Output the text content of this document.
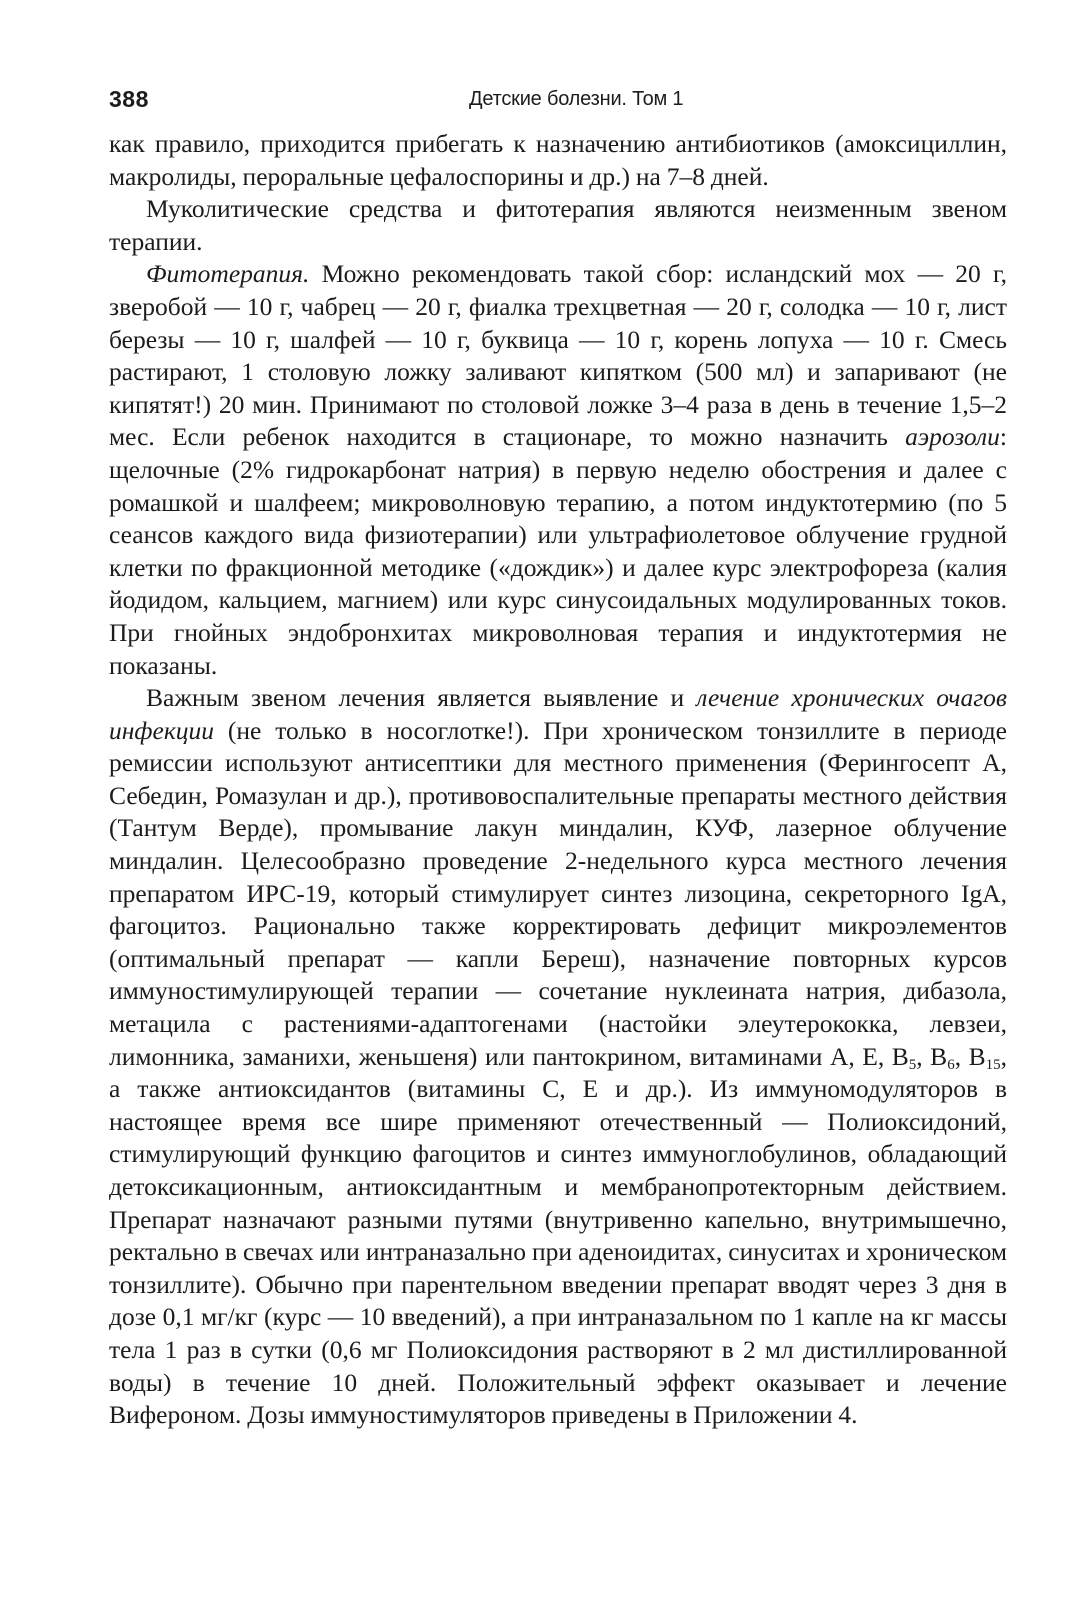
388	Детские болезни. Том 1

как правило, приходится прибегать к назначению антибиотиков (амоксициллин, макролиды, пероральные цефалоспорины и др.) на 7–8 дней.

Муколитические средства и фитотерапия являются неизменным звеном терапии.

Фитотерапия. Можно рекомендовать такой сбор: исландский мох — 20 г, зверобой — 10 г, чабрец — 20 г, фиалка трехцветная — 20 г, солодка — 10 г, лист березы — 10 г, шалфей — 10 г, буквица — 10 г, корень лопуха — 10 г. Смесь растирают, 1 столовую ложку заливают кипятком (500 мл) и запаривают (не кипятят!) 20 мин. Принимают по столовой ложке 3–4 раза в день в течение 1,5–2 мес. Если ребенок находится в стационаре, то можно назначить аэрозоли: щелочные (2% гидрокарбонат натрия) в первую неделю обострения и далее с ромашкой и шалфеем; микроволновую терапию, а потом индуктотермию (по 5 сеансов каждого вида физиотерапии) или ультрафиолетовое облучение грудной клетки по фракционной методике («дождик») и далее курс электрофореза (калия йодидом, кальцием, магнием) или курс синусоидальных модулированных токов. При гнойных эндобронхитах микроволновая терапия и индуктотермия не показаны.

Важным звеном лечения является выявление и лечение хронических очагов инфекции (не только в носоглотке!). При хроническом тонзиллите в периоде ремиссии используют антисептики для местного применения (Ферингосепт А, Себедин, Ромазулан и др.), противовоспалительные препараты местного действия (Тантум Верде), промывание лакун миндалин, КУФ, лазерное облучение миндалин. Целесообразно проведение 2-недельного курса местного лечения препаратом ИРС-19, который стимулирует синтез лизоцина, секреторного IgA, фагоцитоз. Рационально также корректировать дефицит микроэлементов (оптимальный препарат — капли Береш), назначение повторных курсов иммуностимулирующей терапии — сочетание нуклеината натрия, дибазола, метацила с растениями-адаптогенами (настойки элеутерококка, левзеи, лимонника, заманихи, женьшеня) или пантокрином, витаминами А, Е, $В_5$, $В_6$, $В_{15}$, а также антиоксидантов (витамины С, Е и др.). Из иммуномодуляторов в настоящее время все шире применяют отечественный — Полиоксидоний, стимулирующий функцию фагоцитов и синтез иммуноглобулинов, обладающий детоксикационным, антиоксидантным и мембранопротекторным действием. Препарат назначают разными путями (внутривенно капельно, внутримышечно, ректально в свечах или интраназально при аденоидитах, синуситах и хроническом тонзиллите). Обычно при парентельном введении препарат вводят через 3 дня в дозе 0,1 мг/кг (курс — 10 введений), а при интраназальном по 1 капле на кг массы тела 1 раз в сутки (0,6 мг Полиоксидония растворяют в 2 мл дистиллированной воды) в течение 10 дней. Положительный эффект оказывает и лечение Вифероном. Дозы иммуностимуляторов приведены в Приложении 4.
